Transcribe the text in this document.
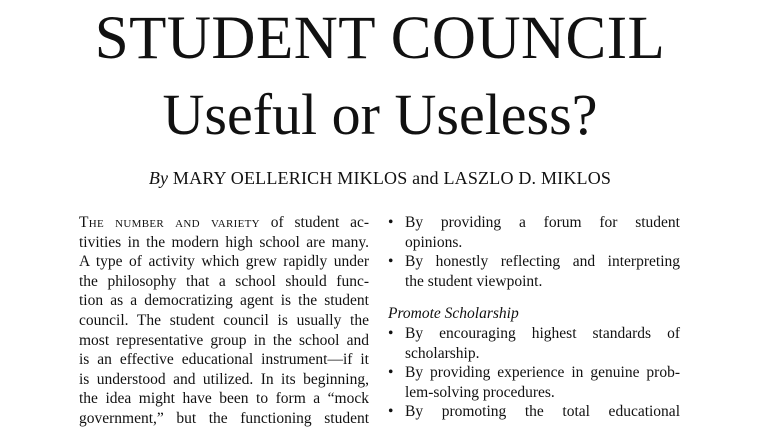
STUDENT COUNCIL
Useful or Useless?
By MARY OELLERICH MIKLOS and LASZLO D. MIKLOS
The number and variety of student ac-
tivities in the modern high school are many.
A type of activity which grew rapidly under
the philosophy that a school should func-
tion as a democratizing agent is the student
council. The student council is usually the
most representative group in the school and
is an effective educational instrument—if it
is understood and utilized. In its beginning,
the idea might have been to form a “mock
government,” but the functioning student
• By providing a forum for student
opinions.
• By honestly reflecting and interpreting
the student viewpoint.
Promote Scholarship
• By encouraging highest standards of
scholarship.
• By providing experience in genuine prob-
lem-solving procedures.
• By promoting the total educational
